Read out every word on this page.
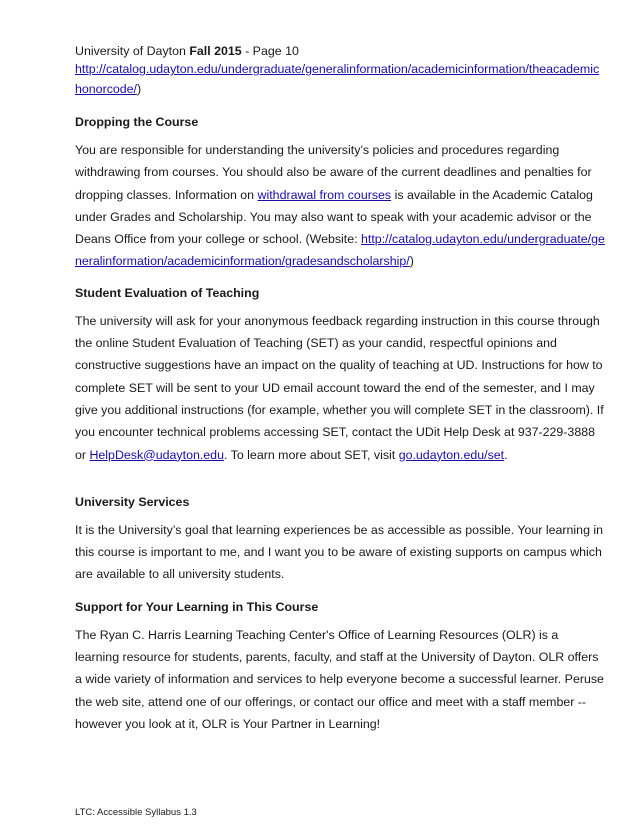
University of Dayton Fall 2015 - Page 10
http://catalog.udayton.edu/undergraduate/generalinformation/academicinformation/theacademichonorcode/)
Dropping the Course

You are responsible for understanding the university’s policies and procedures regarding withdrawing from courses. You should also be aware of the current deadlines and penalties for dropping classes. Information on withdrawal from courses is available in the Academic Catalog under Grades and Scholarship. You may also want to speak with your academic advisor or the Deans Office from your college or school. (Website: http://catalog.udayton.edu/undergraduate/generalinformation/academicinformation/gradesandscholarship/)

Student Evaluation of Teaching

The university will ask for your anonymous feedback regarding instruction in this course through the online Student Evaluation of Teaching (SET) as your candid, respectful opinions and constructive suggestions have an impact on the quality of teaching at UD. Instructions for how to complete SET will be sent to your UD email account toward the end of the semester, and I may give you additional instructions (for example, whether you will complete SET in the classroom). If you encounter technical problems accessing SET, contact the UDit Help Desk at 937-229-3888 or HelpDesk@udayton.edu. To learn more about SET, visit go.udayton.edu/set.

University Services

It is the University’s goal that learning experiences be as accessible as possible. Your learning in this course is important to me, and I want you to be aware of existing supports on campus which are available to all university students.

Support for Your Learning in This Course

The Ryan C. Harris Learning Teaching Center's Office of Learning Resources (OLR) is a learning resource for students, parents, faculty, and staff at the University of Dayton. OLR offers a wide variety of information and services to help everyone become a successful learner. Peruse the web site, attend one of our offerings, or contact our office and meet with a staff member -- however you look at it, OLR is Your Partner in Learning!

LTC: Accessible Syllabus 1.3
